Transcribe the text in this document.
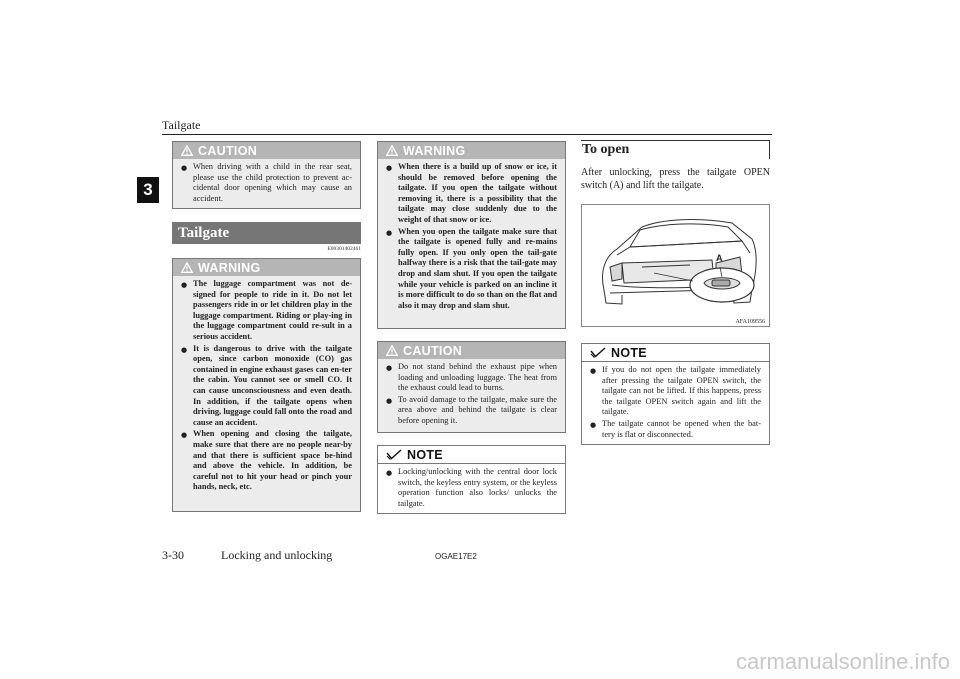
Tailgate
3
CAUTION
● When driving with a child in the rear seat, please use the child protection to prevent ac-cidental door opening which may cause an accident.
Tailgate
E00301402461
WARNING
● The luggage compartment was not de-signed for people to ride in it. Do not let passengers ride in or let children play in the luggage compartment. Riding or play-ing in the luggage compartment could re-sult in a serious accident.
● It is dangerous to drive with the tailgate open, since carbon monoxide (CO) gas contained in engine exhaust gases can en-ter the cabin. You cannot see or smell CO. It can cause unconsciousness and even death. In addition, if the tailgate opens when driving, luggage could fall onto the road and cause an accident.
● When opening and closing the tailgate, make sure that there are no people near-by and that there is sufficient space be-hind and above the vehicle. In addition, be careful not to hit your head or pinch your hands, neck, etc.
WARNING
● When there is a build up of snow or ice, it should be removed before opening the tailgate. If you open the tailgate without removing it, there is a possibility that the tailgate may close suddenly due to the weight of that snow or ice.
● When you open the tailgate make sure that the tailgate is opened fully and re-mains fully open. If you only open the tail-gate halfway there is a risk that the tail-gate may drop and slam shut. If you open the tailgate while your vehicle is parked on an incline it is more difficult to do so than on the flat and also it may drop and slam shut.
CAUTION
● Do not stand behind the exhaust pipe when loading and unloading luggage. The heat from the exhaust could lead to burns.
● To avoid damage to the tailgate, make sure the area above and behind the tailgate is clear before opening it.
NOTE
● Locking/unlocking with the central door lock switch, the keyless entry system, or the keyless operation function also locks/ unlocks the tailgate.
To open
After unlocking, press the tailgate OPEN switch (A) and lift the tailgate.
A
AFA109556
NOTE
● If you do not open the tailgate immediately after pressing the tailgate OPEN switch, the tailgate can not be lifted. If this happens, press the tailgate OPEN switch again and lift the tailgate.
● The tailgate cannot be opened when the bat-tery is flat or disconnected.
3-30	Locking and unlocking	OGAE17E2
carmanualsonline.info
